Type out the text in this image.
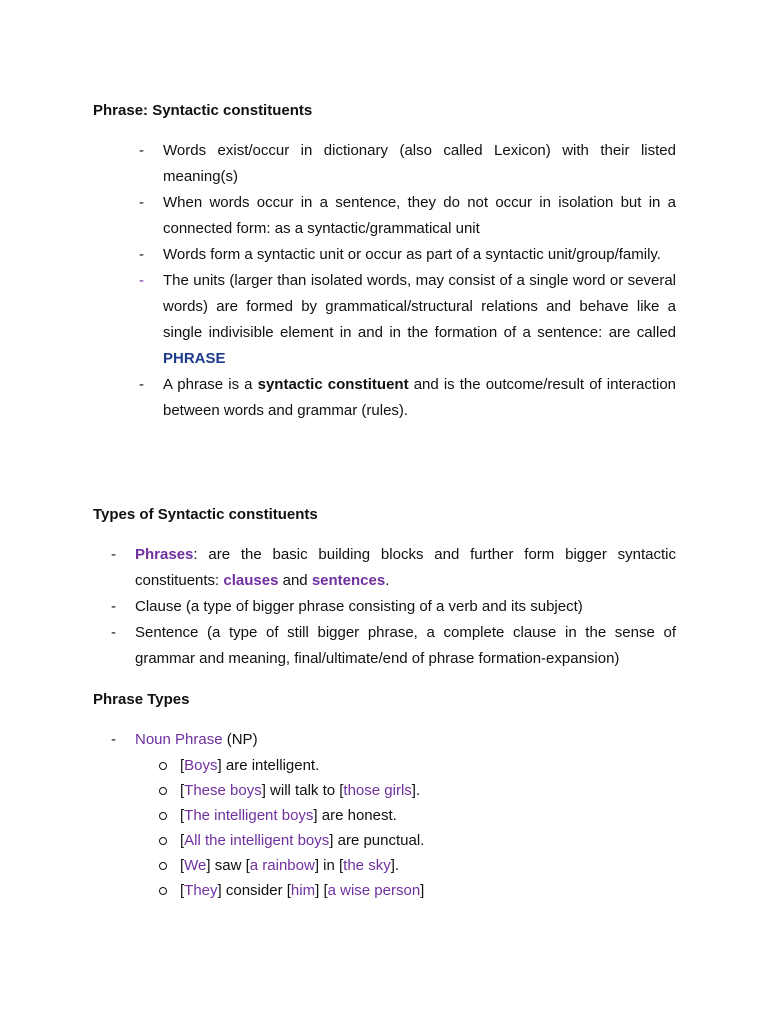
Phrase: Syntactic constituents
- Words exist/occur in dictionary (also called Lexicon) with their listed meaning(s)
- When words occur in a sentence, they do not occur in isolation but in a connected form: as a syntactic/grammatical unit
- Words form a syntactic unit or occur as part of a syntactic unit/group/family.
- The units (larger than isolated words, may consist of a single word or several words) are formed by grammatical/structural relations and behave like a single indivisible element in and in the formation of a sentence: are called PHRASE
- A phrase is a syntactic constituent and is the outcome/result of interaction between words and grammar (rules).
Types of Syntactic constituents
- Phrases: are the basic building blocks and further form bigger syntactic constituents: clauses and sentences.
- Clause (a type of bigger phrase consisting of a verb and its subject)
- Sentence (a type of still bigger phrase, a complete clause in the sense of grammar and meaning, final/ultimate/end of phrase formation-expansion)
Phrase Types
- Noun Phrase (NP)
[Boys] are intelligent.
[These boys] will talk to [those girls].
[The intelligent boys] are honest.
[All the intelligent boys] are punctual.
[We] saw [a rainbow] in [the sky].
[They] consider [him] [a wise person]
